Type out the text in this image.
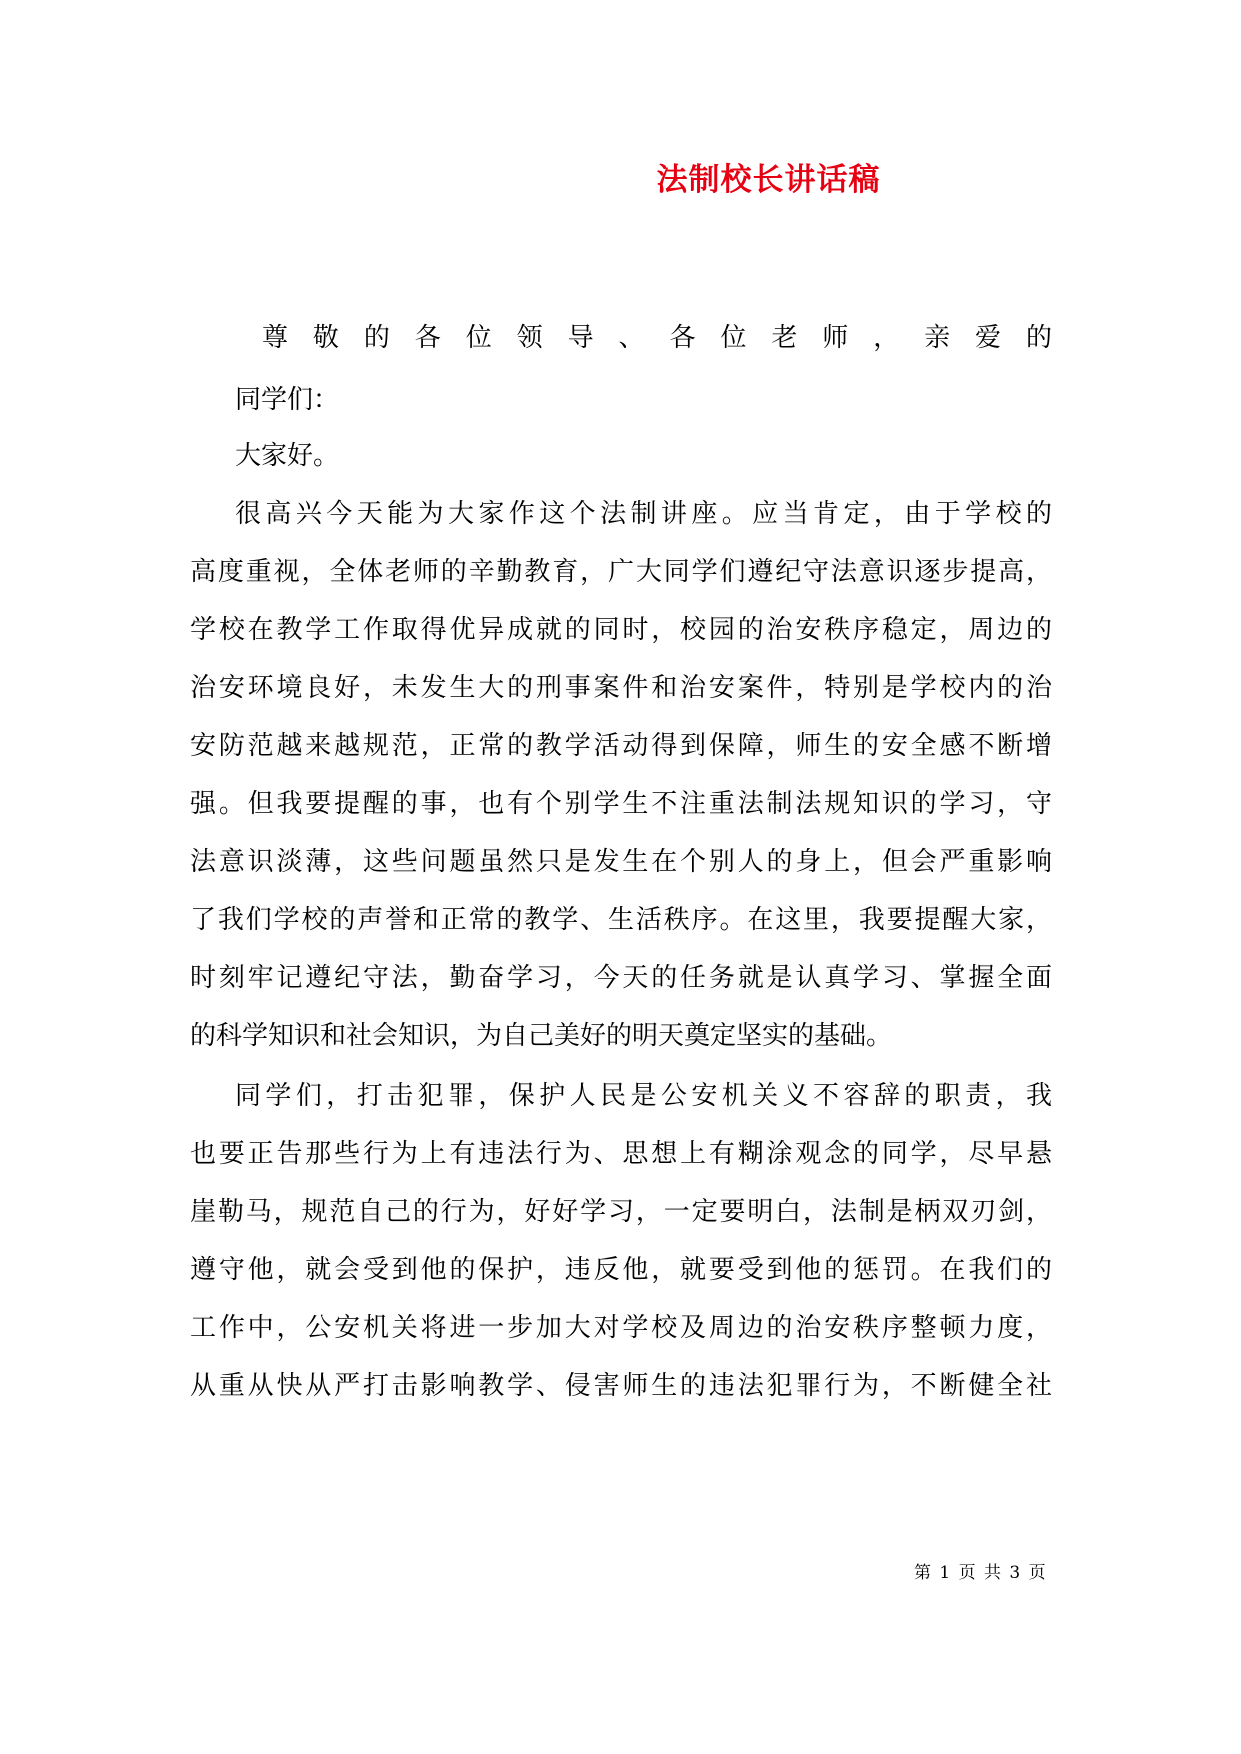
法制校长讲话稿
尊敬的各位领导、各位老师，亲爱的
同学们：
大家好。
很高兴今天能为大家作这个法制讲座。应当肯定，由于学校的
高度重视，全体老师的辛勤教育，广大同学们遵纪守法意识逐步提高，
学校在教学工作取得优异成就的同时，校园的治安秩序稳定，周边的
治安环境良好，未发生大的刑事案件和治安案件，特别是学校内的治
安防范越来越规范，正常的教学活动得到保障，师生的安全感不断增
强。但我要提醒的事，也有个别学生不注重法制法规知识的学习，守
法意识淡薄，这些问题虽然只是发生在个别人的身上，但会严重影响
了我们学校的声誉和正常的教学、生活秩序。在这里，我要提醒大家，
时刻牢记遵纪守法，勤奋学习，今天的任务就是认真学习、掌握全面
的科学知识和社会知识，为自己美好的明天奠定坚实的基础。
同学们，打击犯罪，保护人民是公安机关义不容辞的职责，我
也要正告那些行为上有违法行为、思想上有糊涂观念的同学，尽早悬
崖勒马，规范自己的行为，好好学习，一定要明白，法制是柄双刃剑，
遵守他，就会受到他的保护，违反他，就要受到他的惩罚。在我们的
工作中，公安机关将进一步加大对学校及周边的治安秩序整顿力度，
从重从快从严打击影响教学、侵害师生的违法犯罪行为，不断健全社
第 1 页 共 3 页
